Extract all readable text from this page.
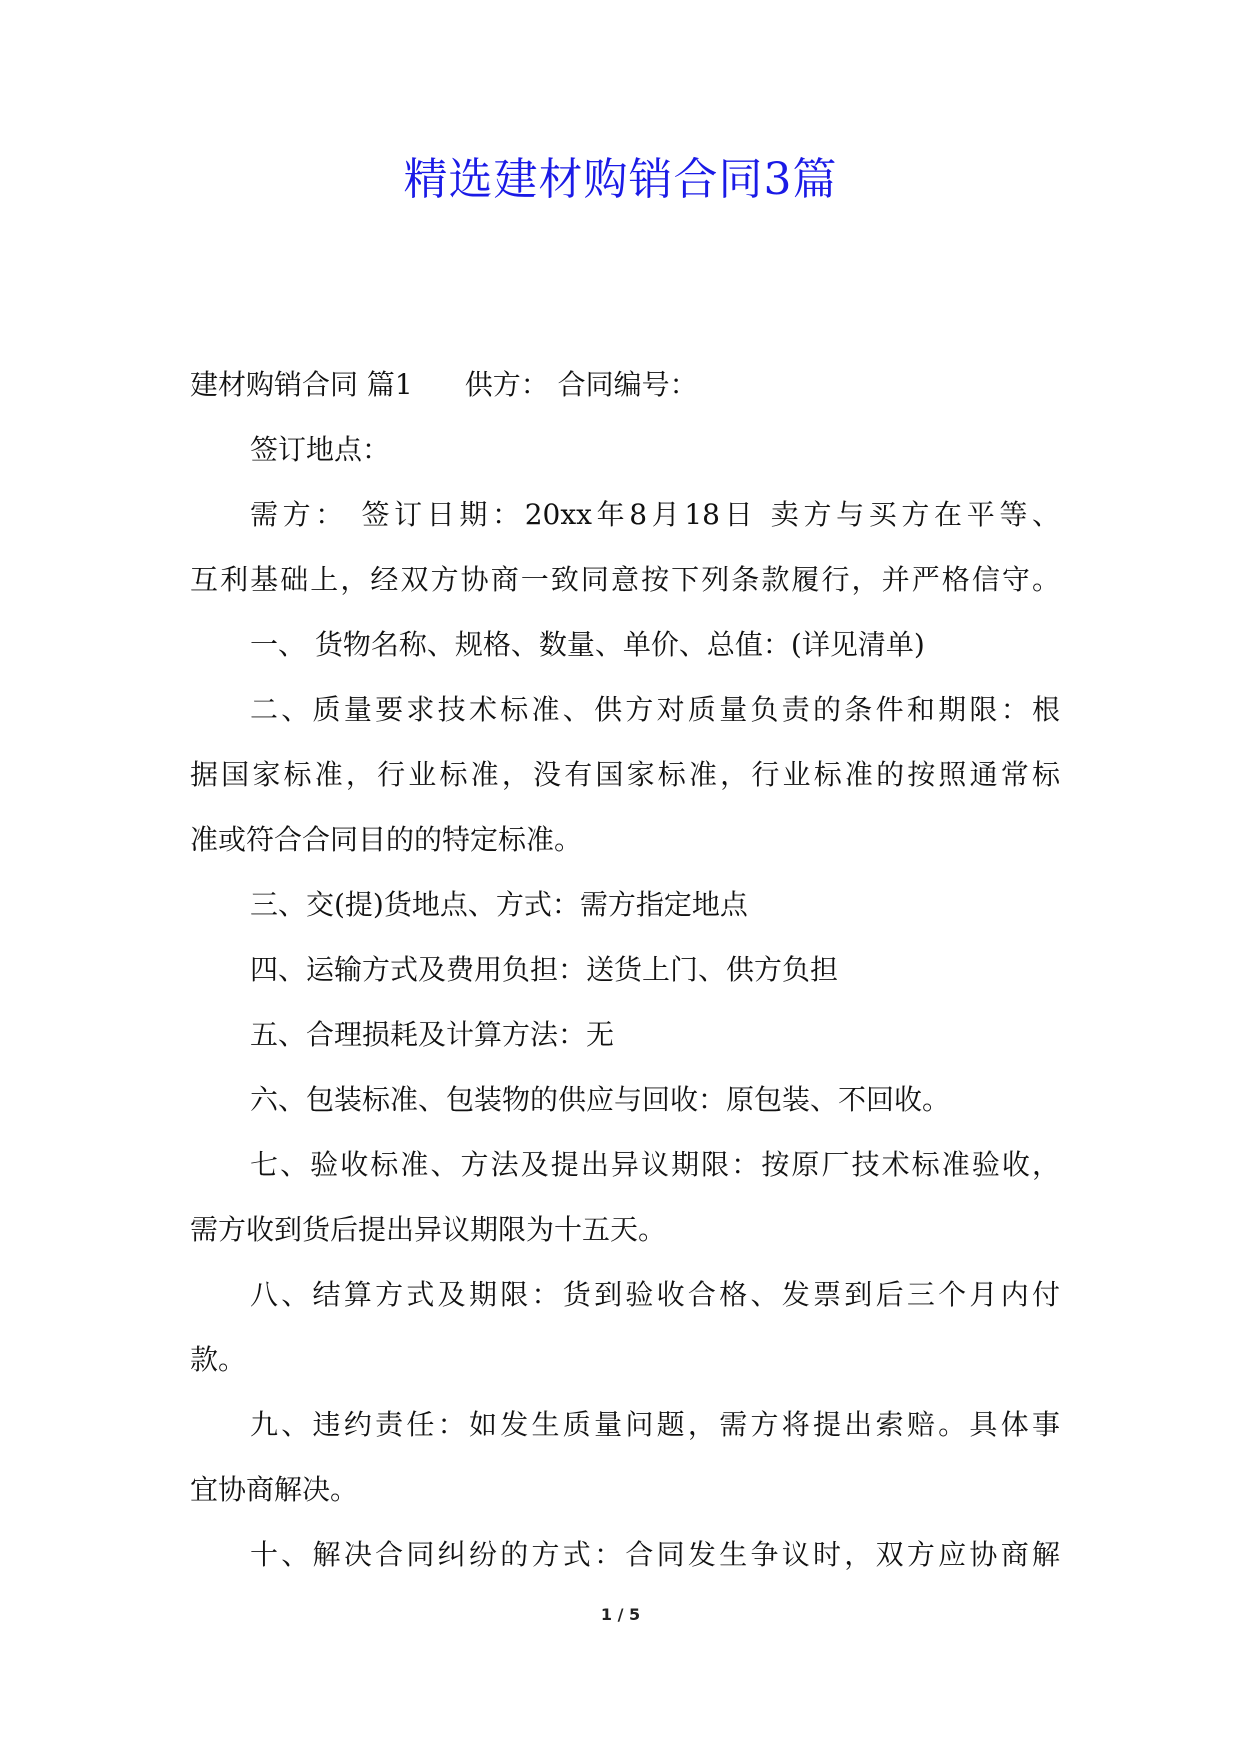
精选建材购销合同3篇
建材购销合同 篇1 供方： 合同编号：
签订地点：
需方： 签订日期：20xx年8月18日 卖方与买方在平等、
互利基础上，经双方协商一致同意按下列条款履行，并严格信守。
一、 货物名称、规格、数量、单价、总值：(详见清单)
二、质量要求技术标准、供方对质量负责的条件和期限：根
据国家标准，行业标准，没有国家标准，行业标准的按照通常标
准或符合合同目的的特定标准。
三、交(提)货地点、方式：需方指定地点
四、运输方式及费用负担：送货上门、供方负担
五、合理损耗及计算方法：无
六、包装标准、包装物的供应与回收：原包装、不回收。
七、验收标准、方法及提出异议期限：按原厂技术标准验收，
需方收到货后提出异议期限为十五天。
八、结算方式及期限：货到验收合格、发票到后三个月内付
款。
九、违约责任：如发生质量问题，需方将提出索赔。具体事
宜协商解决。
十、解决合同纠纷的方式：合同发生争议时，双方应协商解
1 / 5
